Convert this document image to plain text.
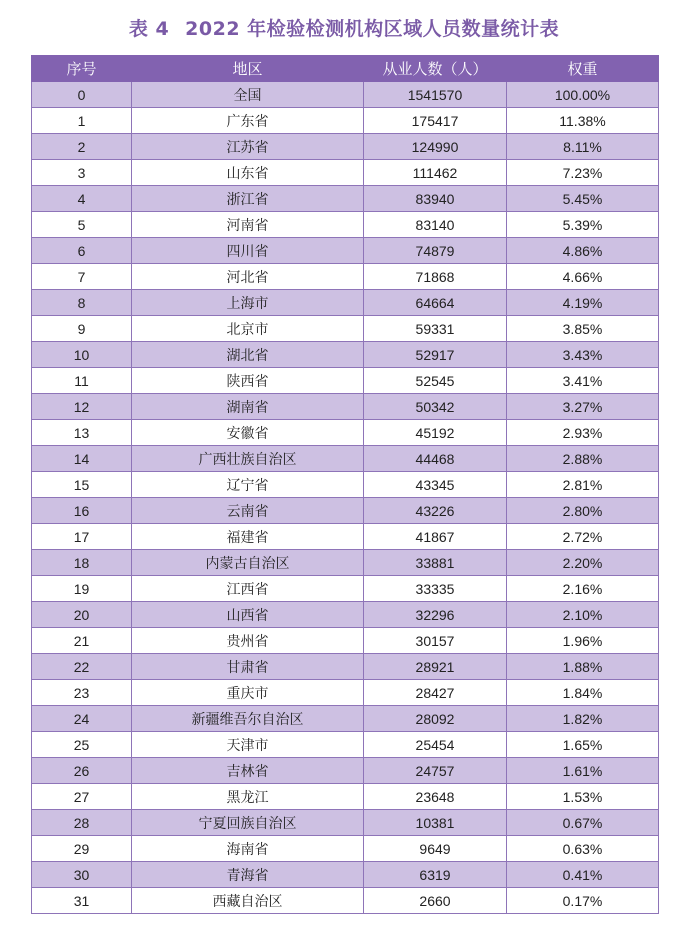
表 4 2022 年检验检测机构区域人员数量统计表
序号	地区	从业人数（人）	权重
0	全国	1541570	100.00%
1	广东省	175417	11.38%
2	江苏省	124990	8.11%
3	山东省	111462	7.23%
4	浙江省	83940	5.45%
5	河南省	83140	5.39%
6	四川省	74879	4.86%
7	河北省	71868	4.66%
8	上海市	64664	4.19%
9	北京市	59331	3.85%
10	湖北省	52917	3.43%
11	陕西省	52545	3.41%
12	湖南省	50342	3.27%
13	安徽省	45192	2.93%
14	广西壮族自治区	44468	2.88%
15	辽宁省	43345	2.81%
16	云南省	43226	2.80%
17	福建省	41867	2.72%
18	内蒙古自治区	33881	2.20%
19	江西省	33335	2.16%
20	山西省	32296	2.10%
21	贵州省	30157	1.96%
22	甘肃省	28921	1.88%
23	重庆市	28427	1.84%
24	新疆维吾尔自治区	28092	1.82%
25	天津市	25454	1.65%
26	吉林省	24757	1.61%
27	黑龙江	23648	1.53%
28	宁夏回族自治区	10381	0.67%
29	海南省	9649	0.63%
30	青海省	6319	0.41%
31	西藏自治区	2660	0.17%
